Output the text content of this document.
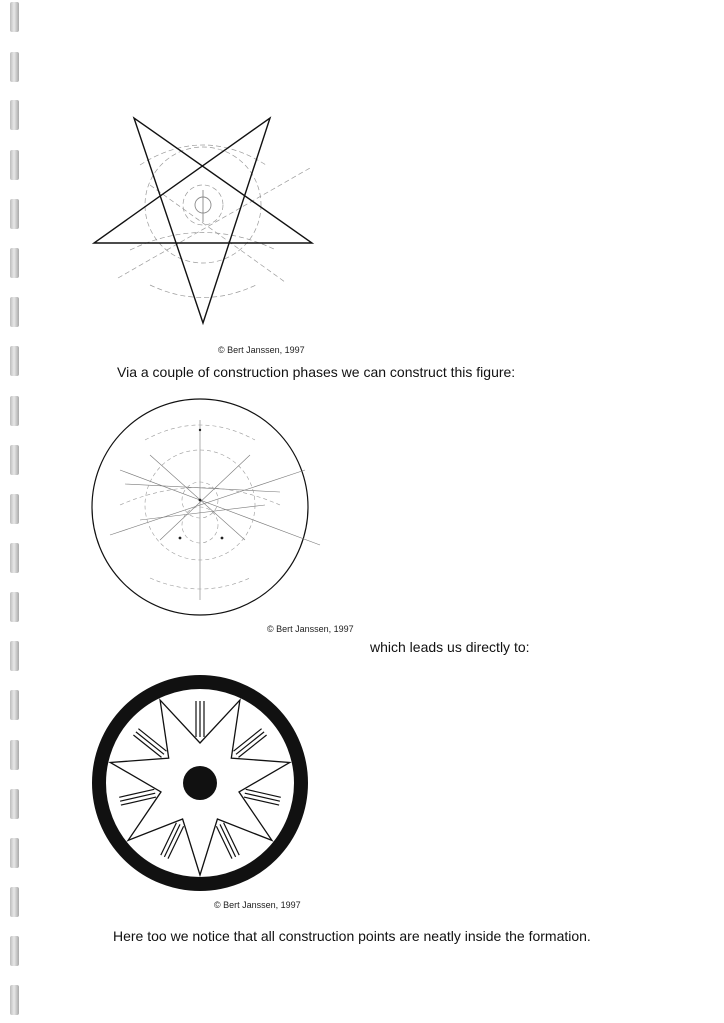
© Bert Janssen, 1997
Via a couple of construction phases we can construct this figure:
© Bert Janssen, 1997
which leads us directly to:
© Bert Janssen, 1997
Here too we notice that all construction points are neatly inside the formation.
